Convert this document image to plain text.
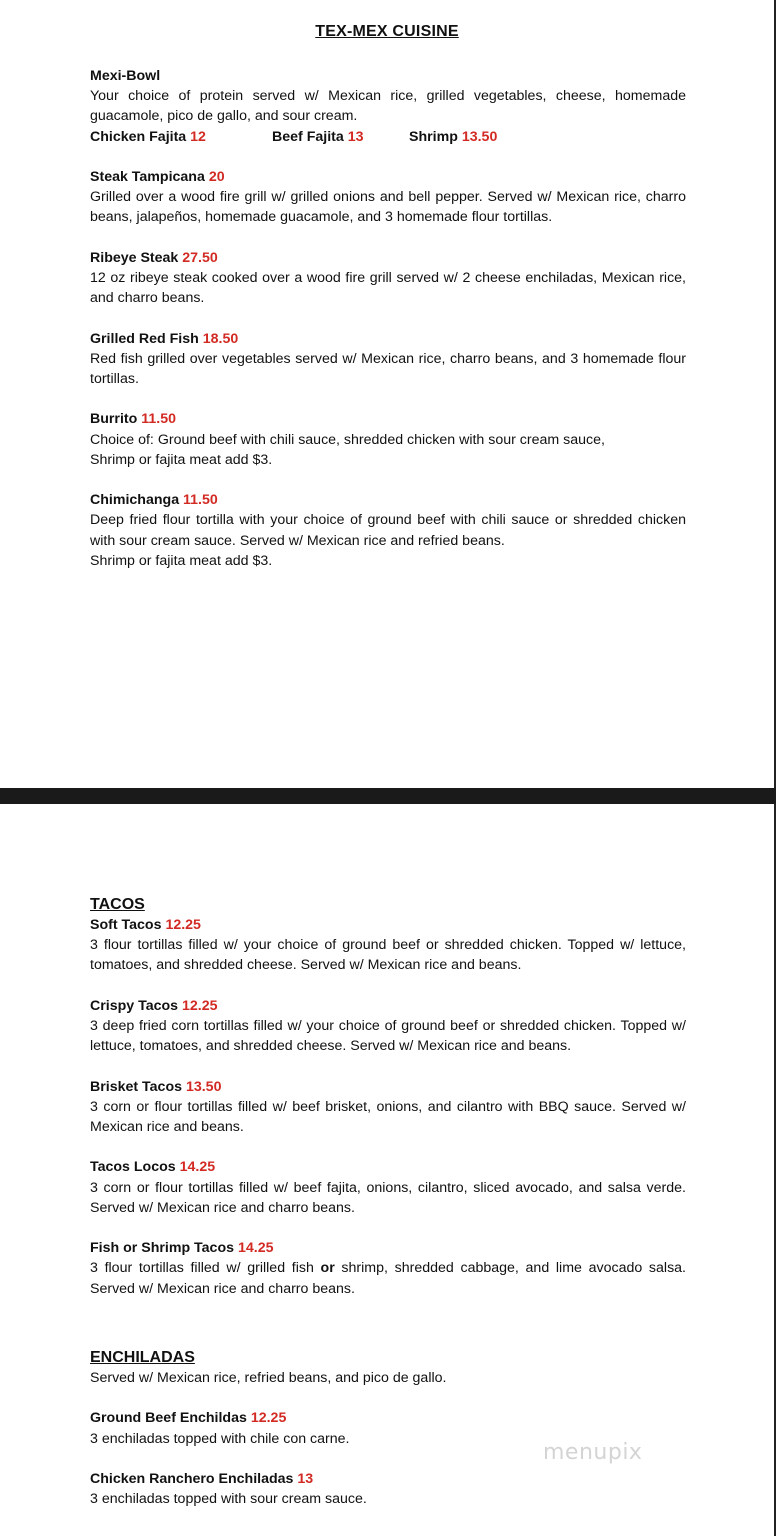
TEX-MEX CUISINE
Mexi-Bowl
Your choice of protein served w/ Mexican rice, grilled vegetables, cheese, homemade guacamole, pico de gallo, and sour cream.
Chicken Fajita 12	Beef Fajita 13	Shrimp 13.50
Steak Tampicana 20
Grilled over a wood fire grill w/ grilled onions and bell pepper. Served w/ Mexican rice, charro beans, jalapeños, homemade guacamole, and 3 homemade flour tortillas.
Ribeye Steak 27.50
12 oz ribeye steak cooked over a wood fire grill served w/ 2 cheese enchiladas, Mexican rice, and charro beans.
Grilled Red Fish 18.50
Red fish grilled over vegetables served w/ Mexican rice, charro beans, and 3 homemade flour tortillas.
Burrito 11.50
Choice of: Ground beef with chili sauce, shredded chicken with sour cream sauce,
Shrimp or fajita meat add $3.
Chimichanga 11.50
Deep fried flour tortilla with your choice of ground beef with chili sauce or shredded chicken with sour cream sauce. Served w/ Mexican rice and refried beans.
Shrimp or fajita meat add $3.
TACOS
Soft Tacos 12.25
3 flour tortillas filled w/ your choice of ground beef or shredded chicken. Topped w/ lettuce, tomatoes, and shredded cheese. Served w/ Mexican rice and beans.
Crispy Tacos 12.25
3 deep fried corn tortillas filled w/ your choice of ground beef or shredded chicken. Topped w/ lettuce, tomatoes, and shredded cheese. Served w/ Mexican rice and beans.
Brisket Tacos 13.50
3 corn or flour tortillas filled w/ beef brisket, onions, and cilantro with BBQ sauce. Served w/ Mexican rice and beans.
Tacos Locos 14.25
3 corn or flour tortillas filled w/ beef fajita, onions, cilantro, sliced avocado, and salsa verde. Served w/ Mexican rice and charro beans.
Fish or Shrimp Tacos 14.25
3 flour tortillas filled w/ grilled fish or shrimp, shredded cabbage, and lime avocado salsa. Served w/ Mexican rice and charro beans.
ENCHILADAS
Served w/ Mexican rice, refried beans, and pico de gallo.
Ground Beef Enchildas 12.25
3 enchiladas topped with chile con carne.
Chicken Ranchero Enchiladas 13
3 enchiladas topped with sour cream sauce.
menupix
